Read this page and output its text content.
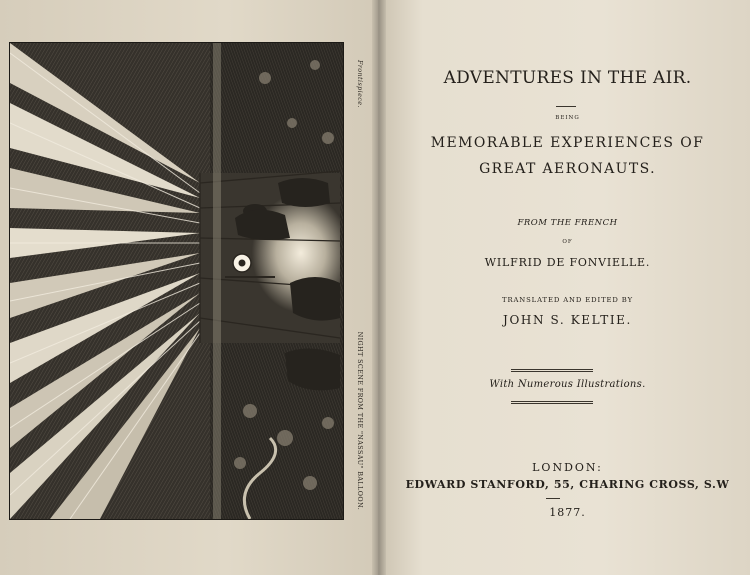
Frontispiece.
NIGHT SCENE FROM THE "NASSAU" BALLOON.
ADVENTURES IN THE AIR.
BEING
MEMORABLE EXPERIENCES OF
GREAT AERONAUTS.
FROM THE FRENCH
OF
WILFRID DE FONVIELLE.
TRANSLATED AND EDITED BY
JOHN S. KELTIE.
With Numerous Illustrations.
LONDON:
EDWARD STANFORD, 55, CHARING CROSS, S.W
1877.
